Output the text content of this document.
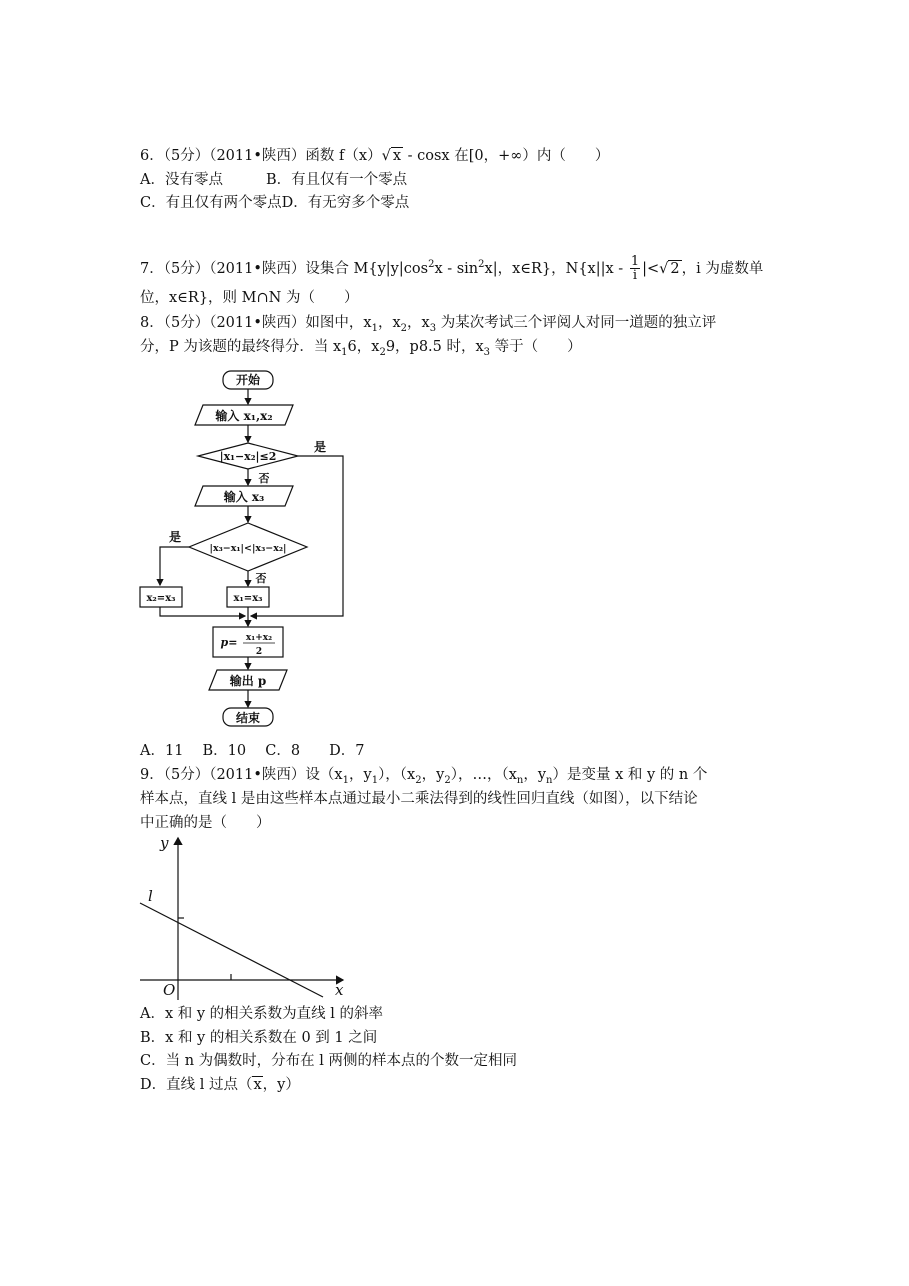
6．（5分）（2011•陕西）函数 f（x）√ x - cosx 在[0，+∞）内（　　）
A．没有零点	B．有且仅有一个零点
C．有且仅有两个零点D．有无穷多个零点
7．（5分）（2011•陕西）设集合 $M\{y|y|\cos^2x - \sin^2x|$，x∈R}，$N\{x||x - \frac{1}{i}$ |<√ 2 ，i 为虚数单
位，x∈R}，则 M∩N 为（　　）
8．（5分）（2011•陕西）如图中，$x_1$，$x_2$，$x_3$ 为某次考试三个评阅人对同一道题的独立评
分，P 为该题的最终得分．当 $x_16$，$x_29$，p8.5 时，$x_3$ 等于（　　）
开始
输入 x₁,x₂
|x₁−x₂|≤2
是
否
输入 x₃
|x₃−x₁|<|x₃−x₂|
是
否
x₂=x₃	x₁=x₃
p= x₁+x₂
2
输出 p
结束
A．11　 B．10　 C．8　　D．7
9．（5分）（2011•陕西）设（$x_1$，$y_1$），（$x_2$，$y_2$），…，（$x_n$，$y_n$）是变量 x 和 y 的 n 个
样本点，直线 l 是由这些样本点通过最小二乘法得到的线性回归直线（如图），以下结论
中正确的是（　　）
y
x
O
l
A．x 和 y 的相关系数为直线 l 的斜率
B．x 和 y 的相关系数在 0 到 1 之间
C．当 n 为偶数时，分布在 l 两侧的样本点的个数一定相同
D．直线 l 过点（x，y）
